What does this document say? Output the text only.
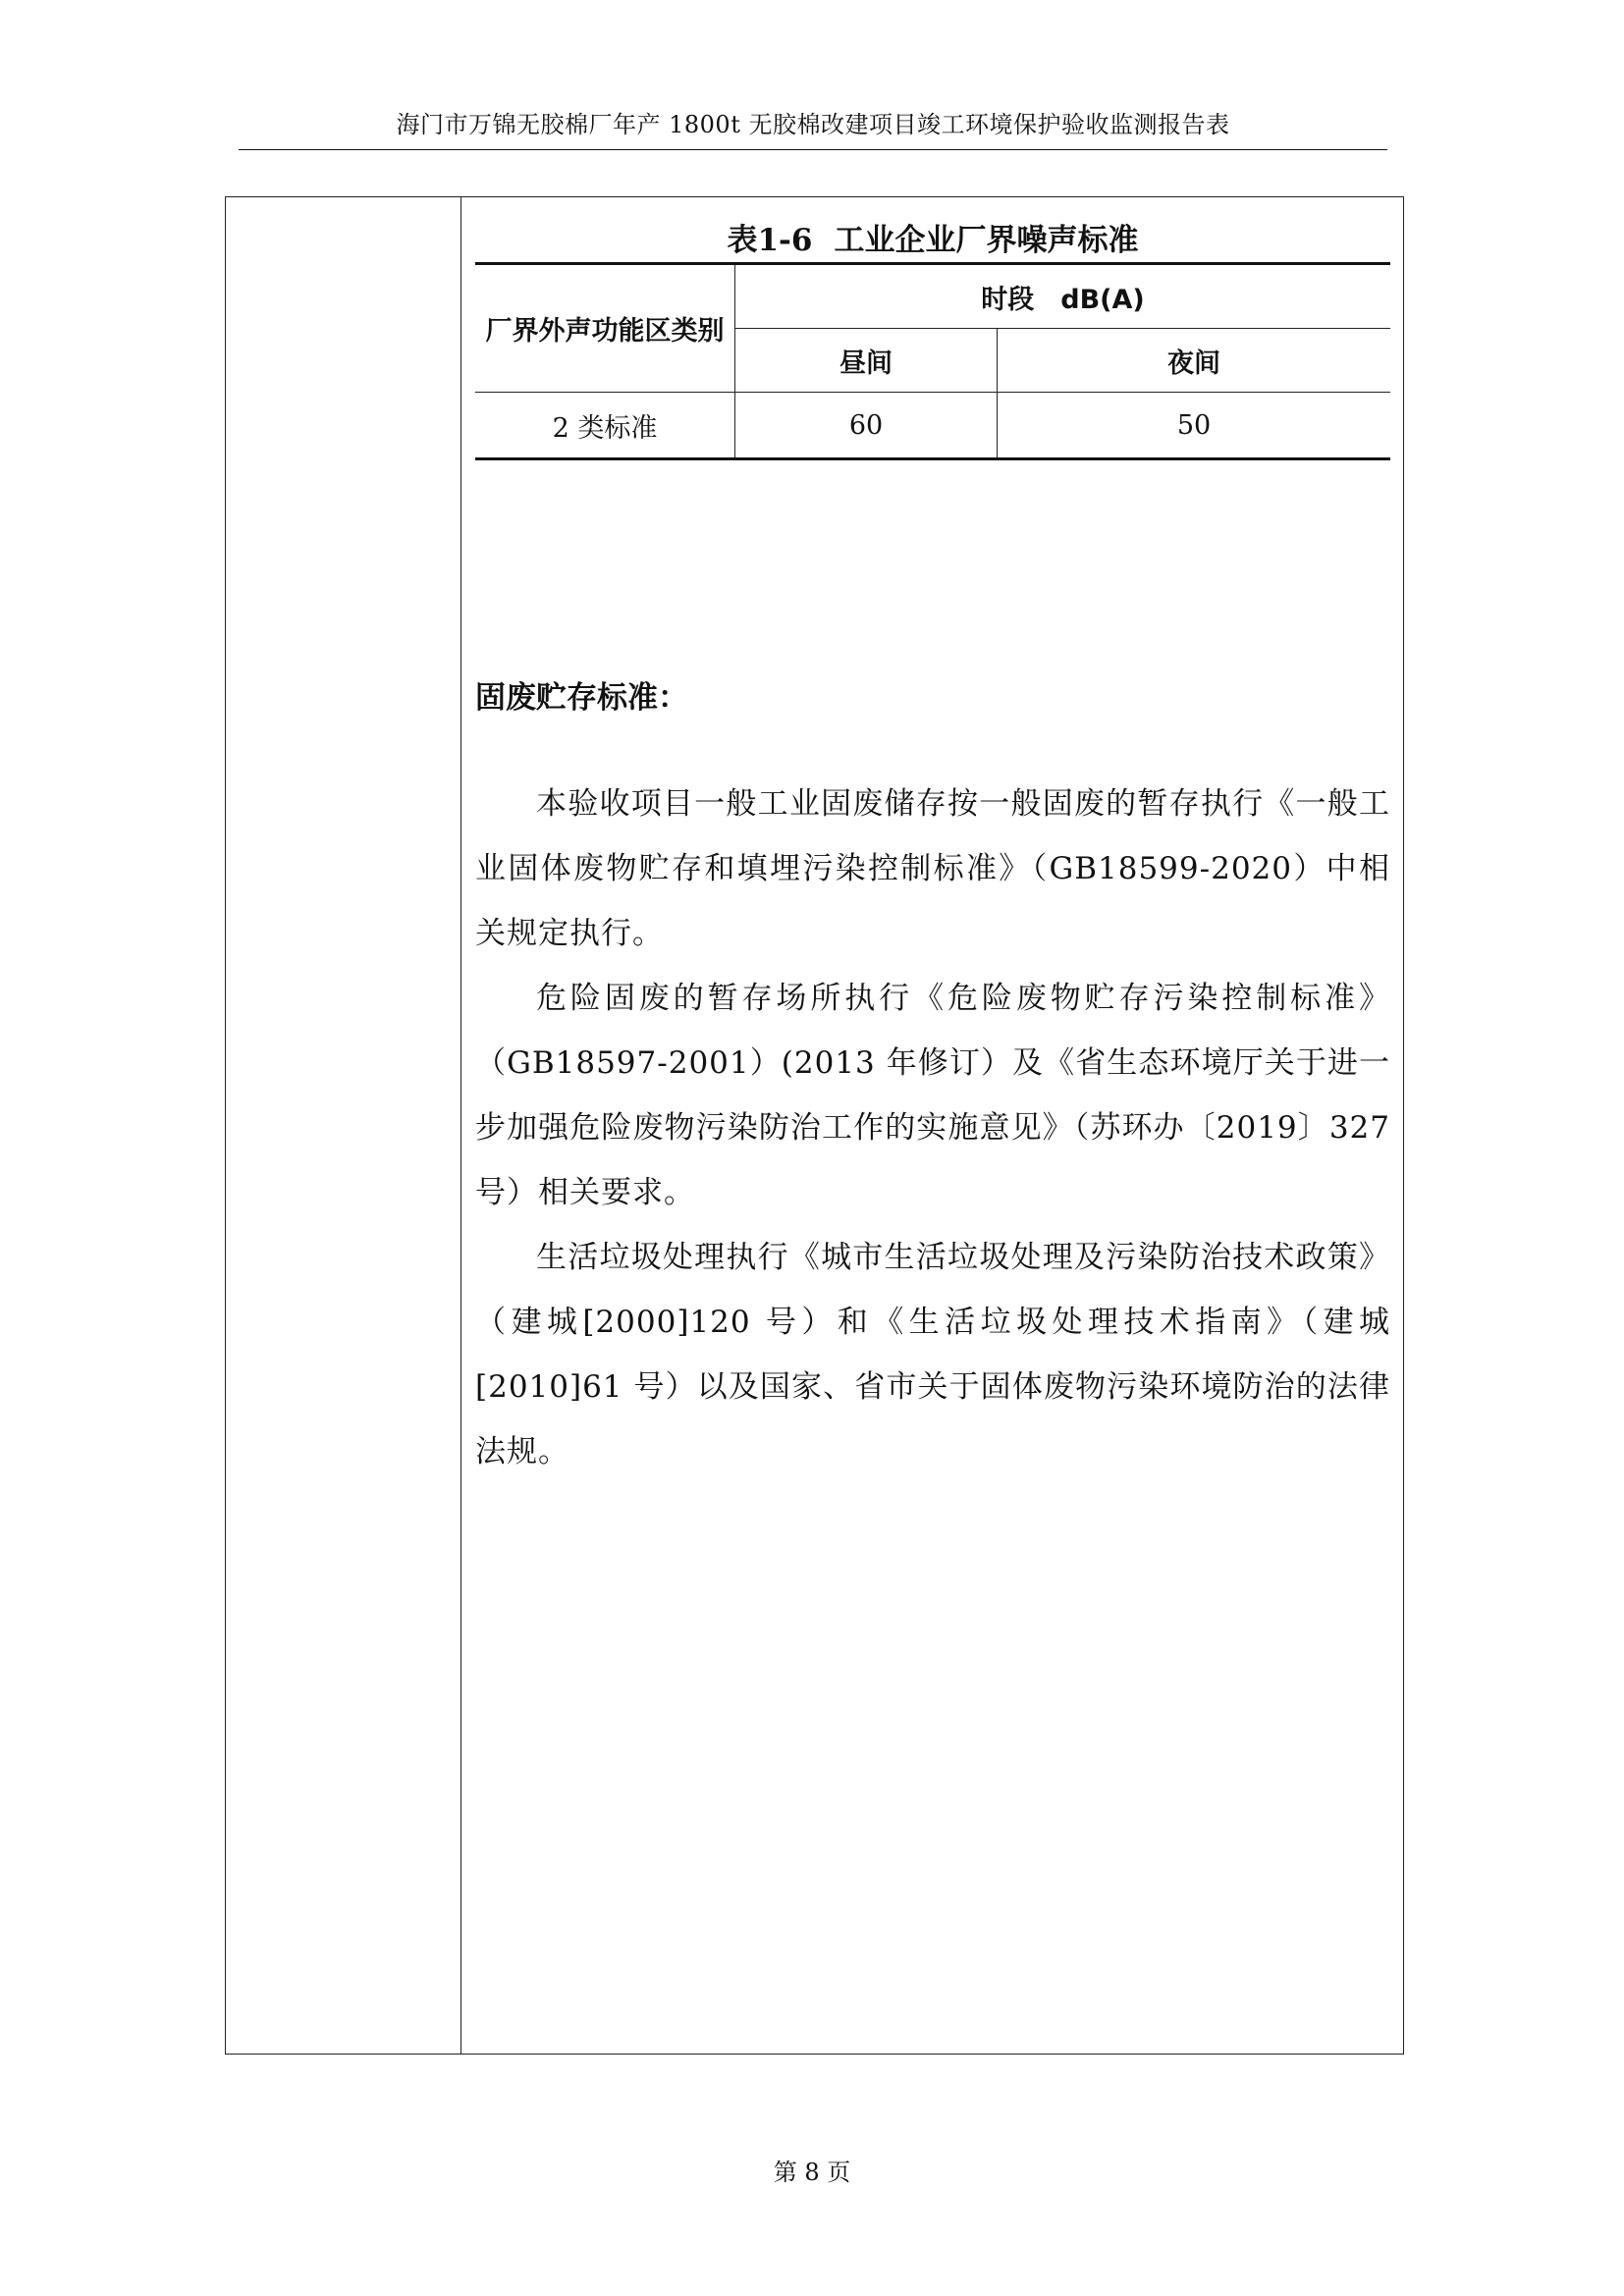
海门市万锦无胶棉厂年产 1800t 无胶棉改建项目竣工环境保护验收监测报告表
表1-6 工业企业厂界噪声标准
厂界外声功能区类别	时段　dB(A)	
	昼间	夜间
2 类标准	60	50
固废贮存标准：

本验收项目一般工业固废储存按一般固废的暂存执行《一般工业固体废物贮存和填埋污染控制标准》（GB18599-2020）中相关规定执行。

危险固废的暂存场所执行《危险废物贮存污染控制标准》（GB18597-2001）(2013 年修订）及《省生态环境厅关于进一步加强危险废物污染防治工作的实施意见》（苏环办〔2019〕327 号）相关要求。

生活垃圾处理执行《城市生活垃圾处理及污染防治技术政策》（建城[2000]120 号）和《生活垃圾处理技术指南》（建城[2010]61 号）以及国家、省市关于固体废物污染环境防治的法律法规。

第 8 页
